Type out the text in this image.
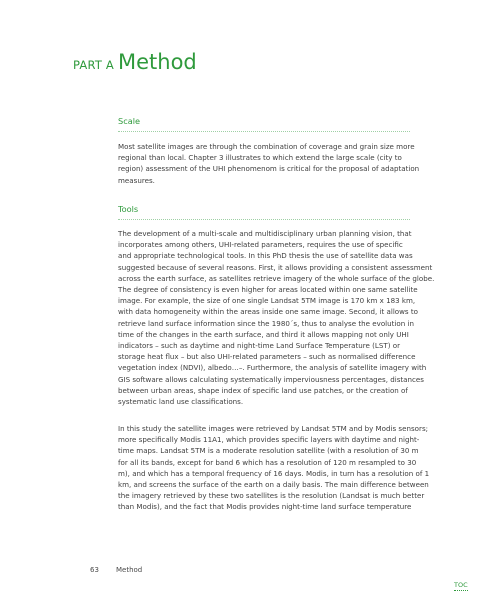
PART A Method
Scale
Most satellite images are through the combination of coverage and grain size more
regional than local. Chapter 3 illustrates to which extend the large scale (city to
region) assessment of the UHI phenomenom is critical for the proposal of adaptation
measures.
Tools
The development of a multi-scale and multidisciplinary urban planning vision, that
incorporates among others, UHI-related parameters, requires the use of specific
and appropriate technological tools. In this PhD thesis the use of satellite data was
suggested because of several reasons. First, it allows providing a consistent assessment
across the earth surface, as satellites retrieve imagery of the whole surface of the globe.
The degree of consistency is even higher for areas located within one same satellite
image. For example, the size of one single Landsat 5TM image is 170 km x 183 km,
with data homogeneity within the areas inside one same image. Second, it allows to
retrieve land surface information since the 1980´s, thus to analyse the evolution in
time of the changes in the earth surface, and third it allows mapping not only UHI
indicators – such as daytime and night-time Land Surface Temperature (LST) or
storage heat flux – but also UHI-related parameters – such as normalised difference
vegetation index (NDVI), albedo…–. Furthermore, the analysis of satellite imagery with
GIS software allows calculating systematically imperviousness percentages, distances
between urban areas, shape index of specific land use patches, or the creation of
systematic land use classifications.
In this study the satellite images were retrieved by Landsat 5TM and by Modis sensors;
more specifically Modis 11A1, which provides specific layers with daytime and night-
time maps. Landsat 5TM is a moderate resolution satellite (with a resolution of 30 m
for all its bands, except for band 6 which has a resolution of 120 m resampled to 30
m), and which has a temporal frequency of 16 days. Modis, in turn has a resolution of 1
km, and screens the surface of the earth on a daily basis. The main difference between
the imagery retrieved by these two satellites is the resolution (Landsat is much better
than Modis), and the fact that Modis provides night-time land surface temperature
63 Method
TOC
